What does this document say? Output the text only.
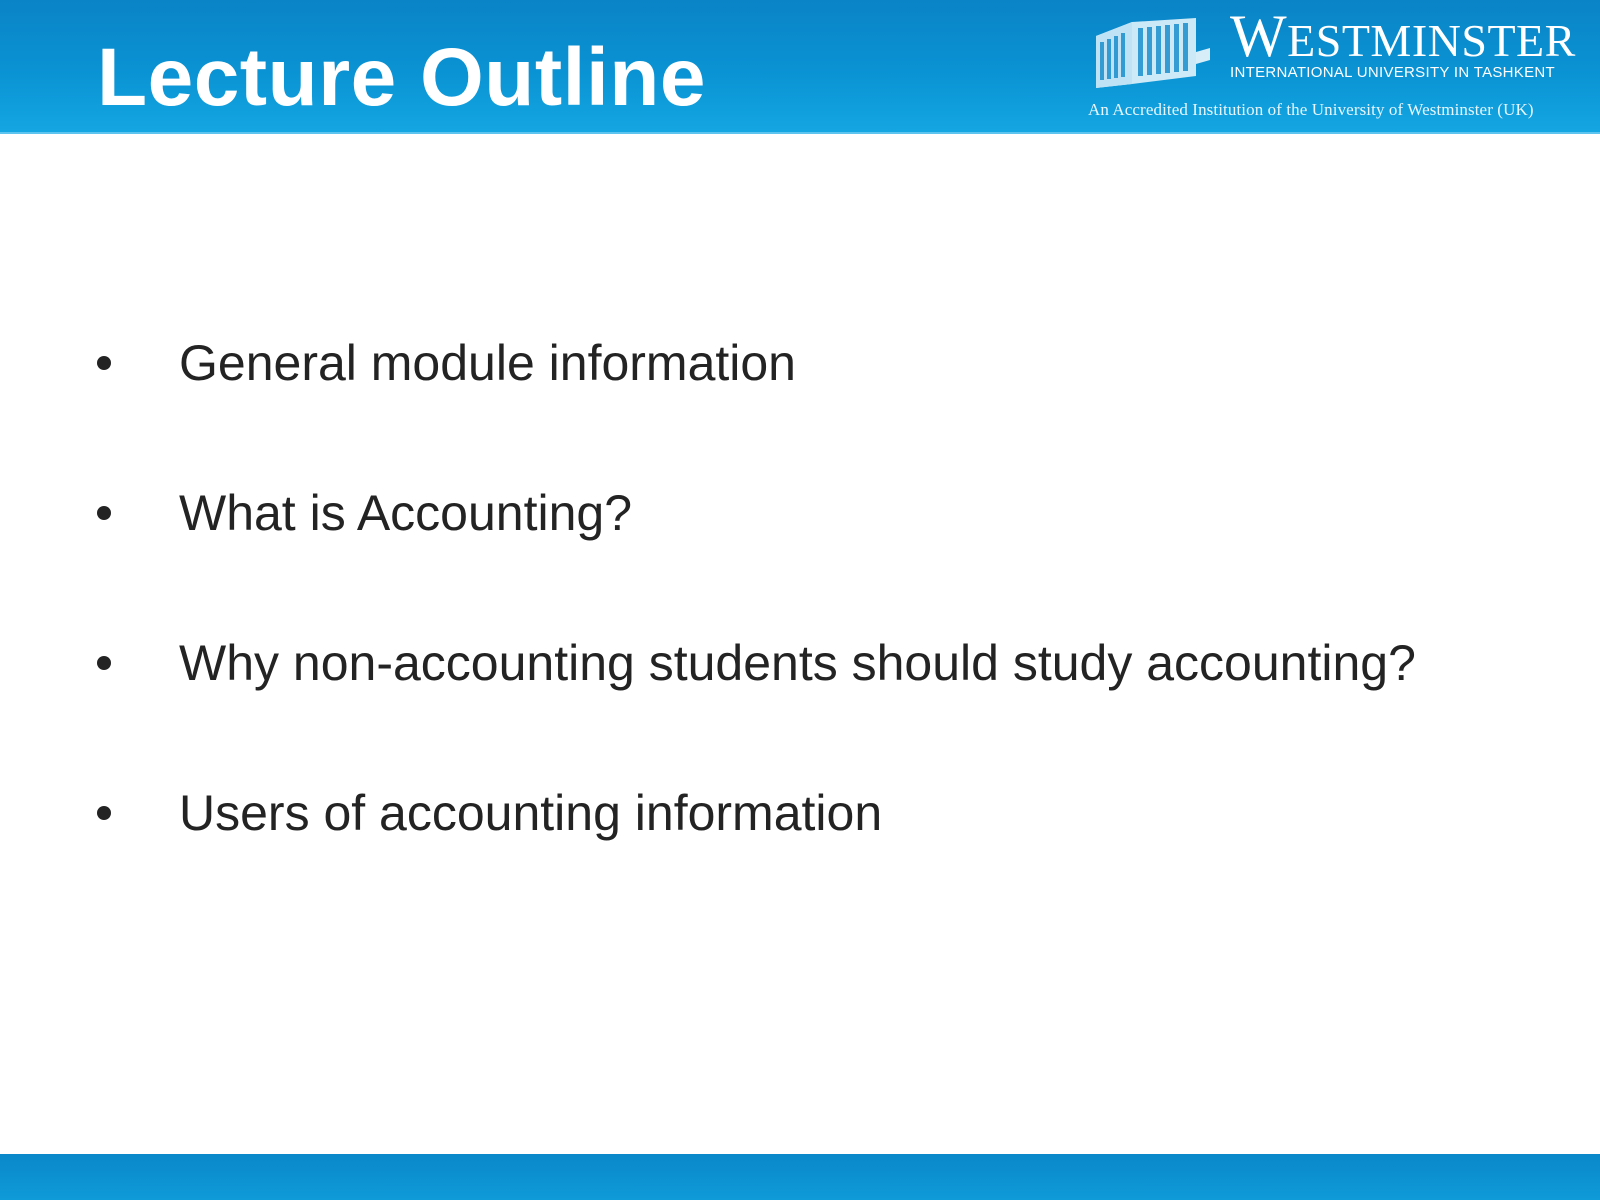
Lecture Outline	WESTMINSTER
INTERNATIONAL UNIVERSITY IN TASHKENT
An Accredited Institution of the University of Westminster (UK)
General module information
What is Accounting?
Why non-accounting students should study accounting?
Users of accounting information
